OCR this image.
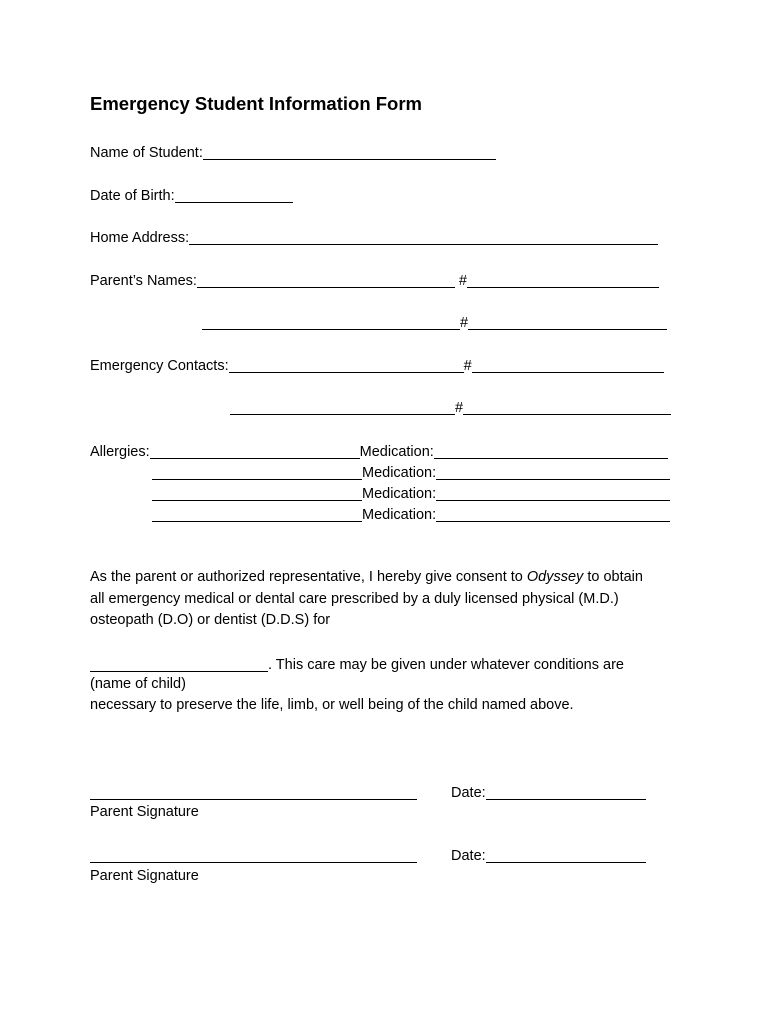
Emergency Student Information Form
Name of Student:
Date of Birth:
Home Address:
Parent’s Names:	#
#
Emergency Contacts:	#
#
Allergies:	Medication:
Medication:
Medication:
Medication:
As the parent or authorized representative, I hereby give consent to Odyssey to obtain
all emergency medical or dental care prescribed by a duly licensed physical (M.D.)
osteopath (D.O) or dentist (D.D.S) for
. This care may be given under whatever conditions are
(name of child)
necessary to preserve the life, limb, or well being of the child named above.
Date:
Parent Signature
Date:
Parent Signature
